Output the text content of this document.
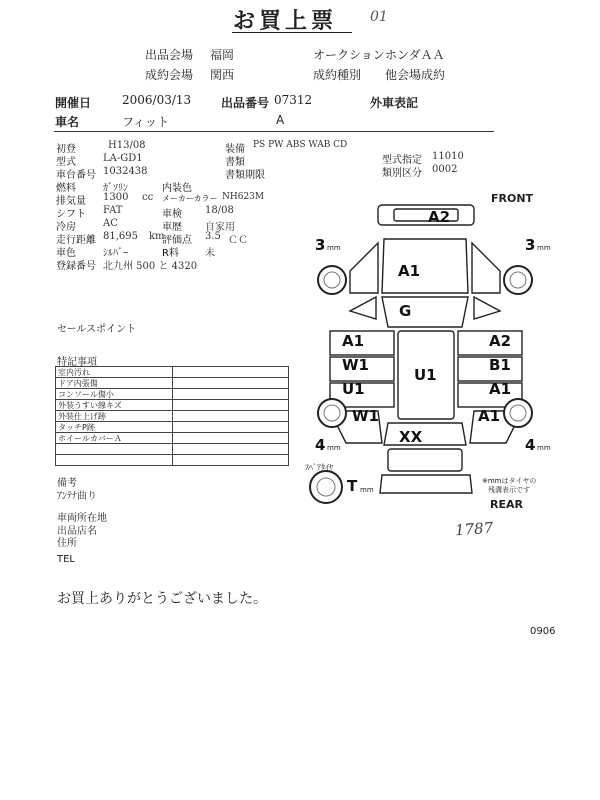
お買上票 01
出品会場 福岡	オークション ホンダＡＡ
成約会場 関西	成約種別 他会場成約
開催日	2006/03/13 出品番号 07312	外車表記
車名	フィット	A
初登	H13/08
型式	LA-GD1
車台番号 1032438
燃料	ｶﾞｿﾘﾝ
排気量 1300 cc
シフト FAT
冷房	AC
走行距離 81,695 km
車色	ｼﾙﾊﾞｰ
登録番号 北九州 500 と 4320
装備 PS PW ABS WAB CD
書類
書類期限
内装色
メーカーカラー NH623M
車検 18/08
車歴 自家用
評価点 3.5 ＣＣ
R料	未
型式指定 11010
類別区分 0002
セールスポイント
特記事項
室内汚れ	
ドア内張傷	
コンソール傷小	
外装うすい線キズ	
外装仕上げ跡	
タッチP跡	
ホイールカバーＡ	

備考
ｱﾝﾃﾅ曲り
車両所在地
出品店名
住所
TEL
お買上ありがとうございました。
0906
1787
FRONT
REAR
3 mm	3 mm
4 mm	4 mm
ｽﾍﾟｱﾀｲﾔ
T mm
※mmはタイヤの
残溝表示です
A2
A1
G
A1	A2
W1	B1
U1	A1
U1
W1	A1
XX
